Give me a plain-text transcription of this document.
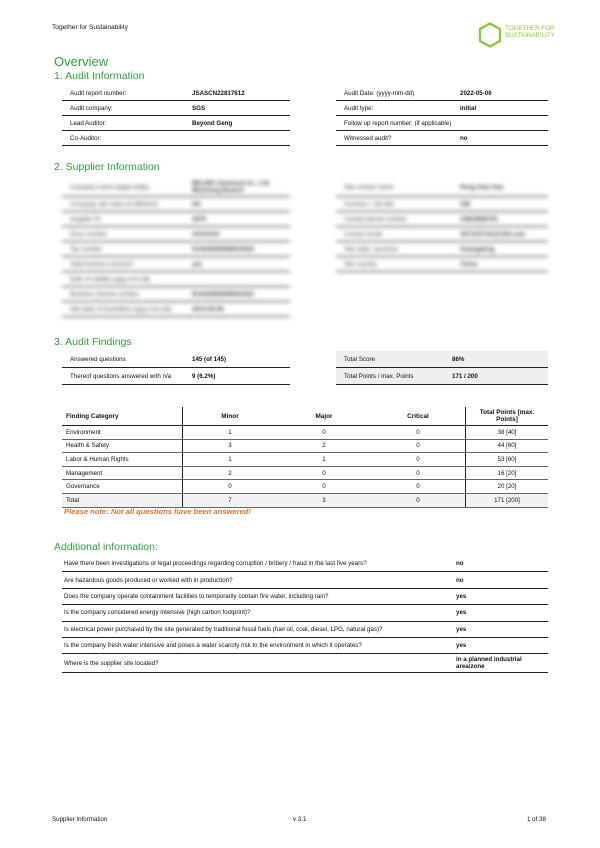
Together for Sustainability	TOGETHER FOR
SUSTAINABILITY
Overview
1. Audit Information
Audit report number:	JSASCN22817612
Audit company:	SGS
Lead Auditor:	Beyond Geng
Co-Auditor:	
Audit Date: (yyyy-mm-dd)	2022-05-06
Audit type:	initial
Follow up report number: (if applicable)	
Witnessed audit?	no
2. Supplier Information
Company name (legal entity)	BELIKE Chemical Co., Ltd. Minzhong Branch
Company site name (if different)	NA
Supplier ID	2879
Duns number	########
Tax number	914420000596541924
Valid business license?	yes
Date of validity (yyyy-mm-dd)	
Business license number	914420000596541924
Site date of foundation (yyyy-mm-dd)	2012-06-06
Site contact name	Peng Xiao Gan
Function / Job title	GM
Contact phone number	13824856791
Contact email	1871237141@163.com
Site state / province	Guangdong
Site country	China
3. Audit Findings
Answered questions	145 (of 145)
Thereof questions answered with n/a	9 (6.2%)
Total Score	86%
Total Points / max. Points	171 / 200
Finding Category	Minor	Major	Critical	Total Points [max. Points]
Environment	1	0	0	38 [40]
Health & Safety	3	2	0	44 [60]
Labor & Human Rights	1	1	0	53 [60]
Management	2	0	0	16 [20]
Governance	0	0	0	20 [20]
Total	7	3	0	171 [200]
Please note: Not all questions have been answered!
Additional information:
Have there been investigations or legal proceedings regarding corruption / bribery / fraud in the last five years?	no
Are hazardous goods produced or worked with in production?	no
Does the company operate containment facilities to temporarily contain fire water, including rain?	yes
Is the company considered energy intensive (high carbon footprint)?	yes
Is electrical power purchased by the site generated by traditional fossil fuels (fuel oil, coal, diesel, LPG, natural gas)?	yes
Is the company fresh water intensive and poses a water scarcity risk to the environment in which it operates?	yes
Where is the supplier site located?	in a planned industrial area/zone
Supplier Information	v 3.1	1 of 38
